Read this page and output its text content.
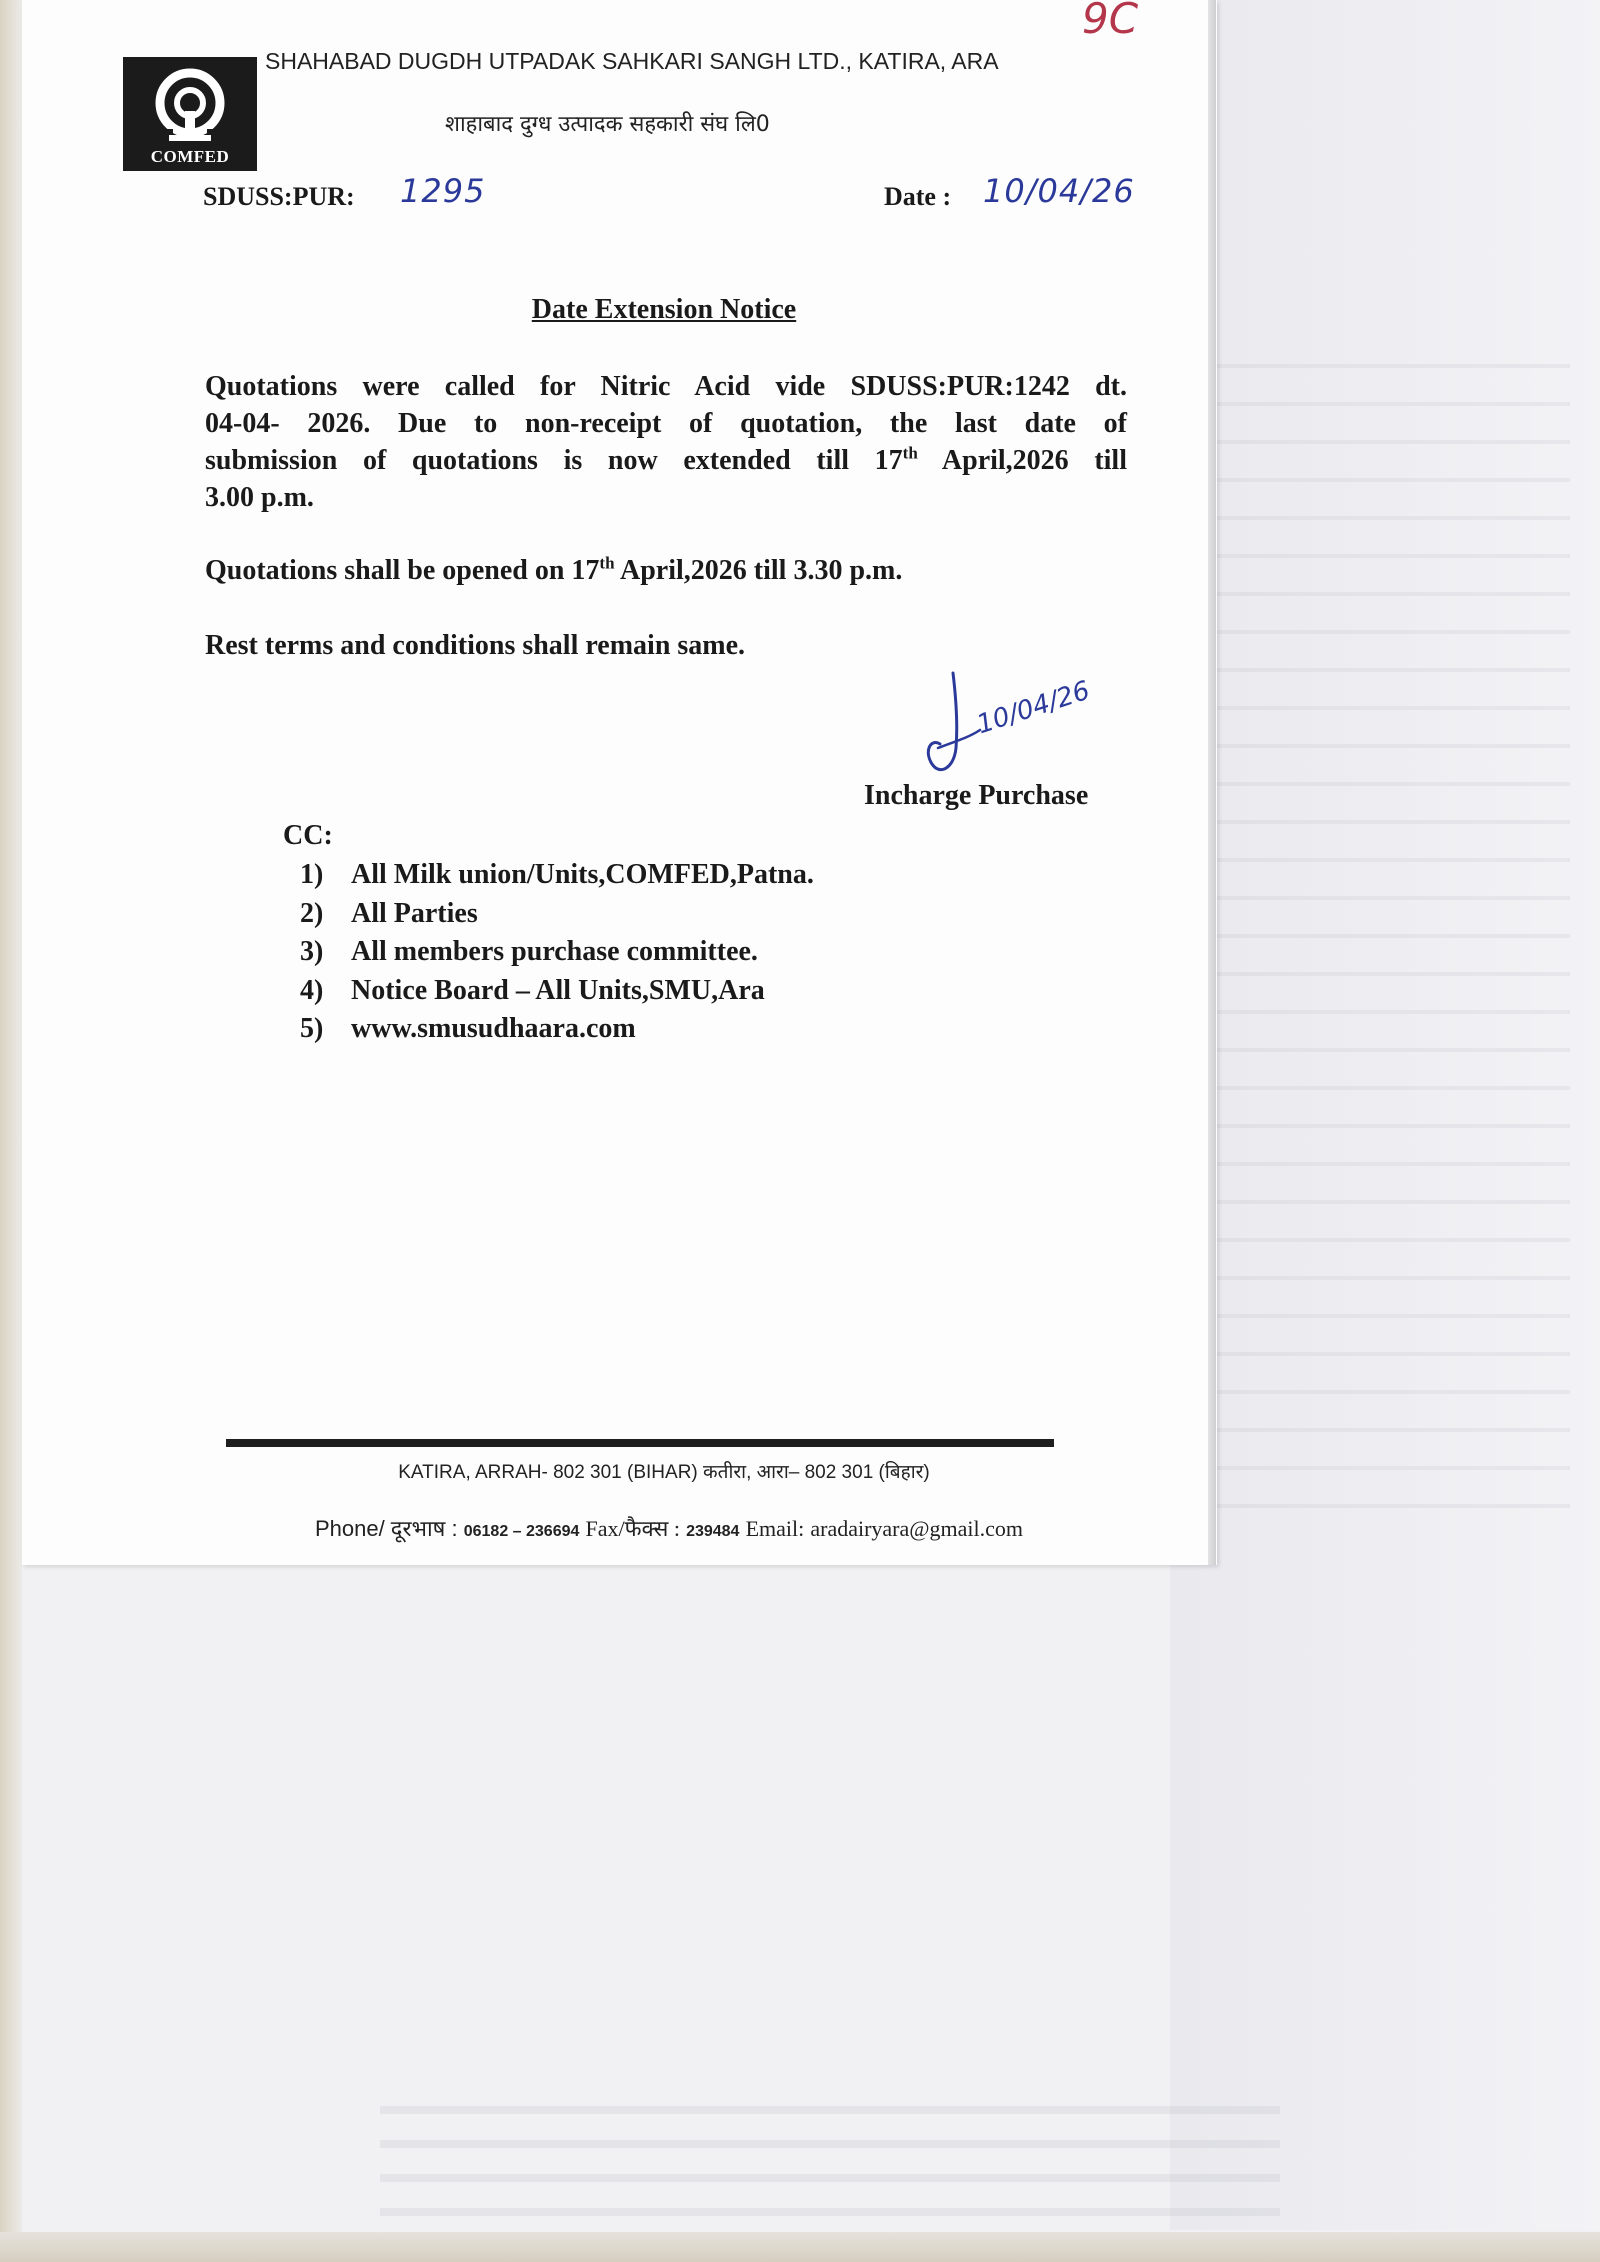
COMFED
SHAHABAD DUGDH UTPADAK SAHKARI SANGH LTD., KATIRA, ARA
शाहाबाद दुग्ध उत्पादक सहकारी संघ लि0
9C
SDUSS:PUR: 1295	Date : 10/04/26
Date Extension Notice
Quotations were called for Nitric Acid vide SDUSS:PUR:1242 dt.
04-04- 2026. Due to non-receipt of quotation, the last date of
submission of quotations is now extended till 17th April,2026 till
3.00 p.m.
Quotations shall be opened on 17th April,2026 till 3.30 p.m.
Rest terms and conditions shall remain same.
10/04/26
Incharge Purchase
CC:
1) All Milk union/Units,COMFED,Patna.
2) All Parties
3) All members purchase committee.
4) Notice Board – All Units,SMU,Ara
5) www.smusudhaara.com
KATIRA, ARRAH- 802 301 (BIHAR) कतीरा, आरा– 802 301 (बिहार)
Phone/ दूरभाष : 06182 – 236694 Fax/फैक्स : 239484 Email: aradairyara@gmail.com
